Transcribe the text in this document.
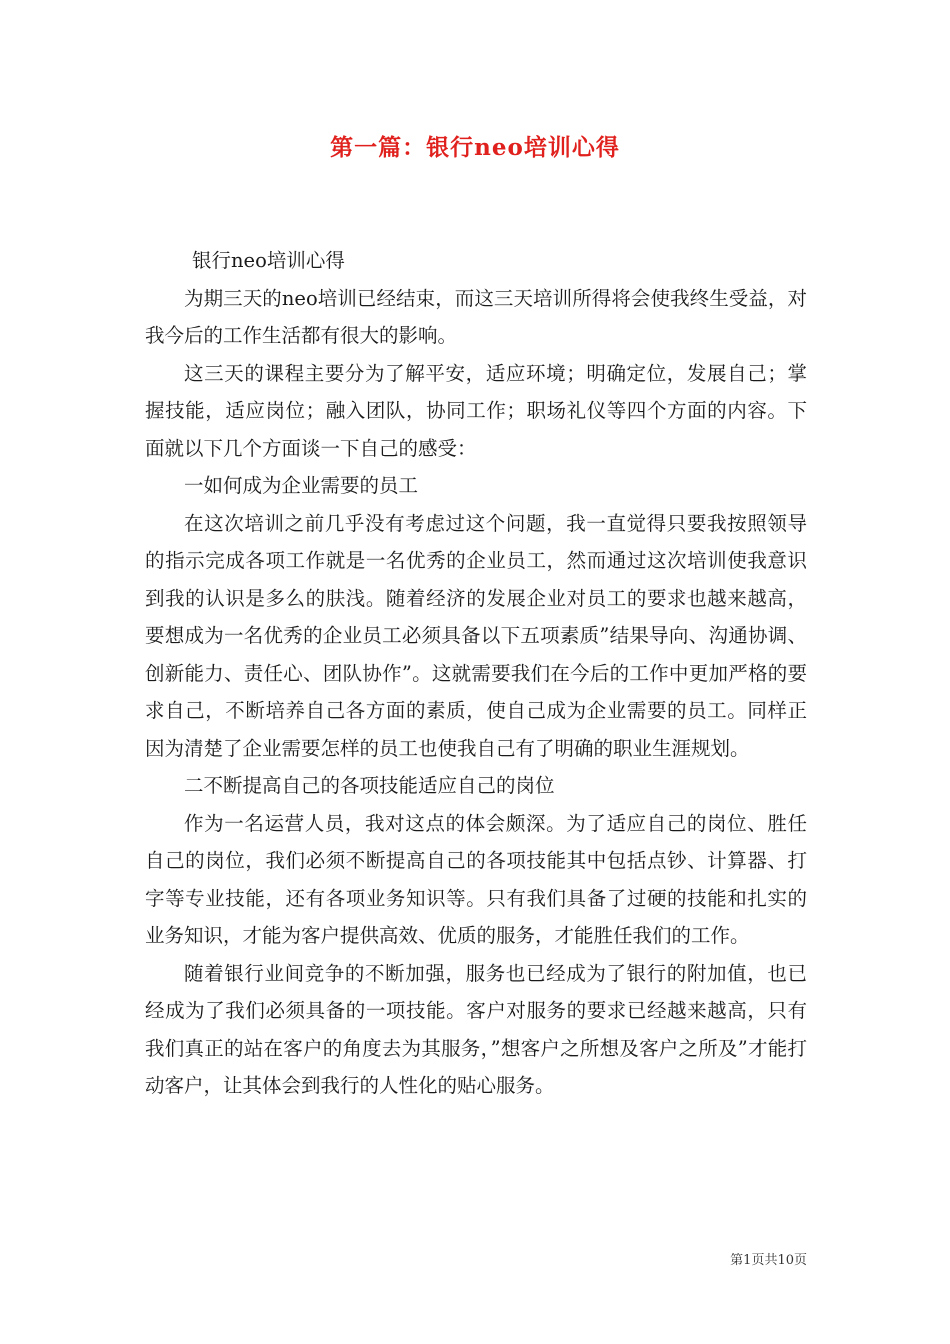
第一篇：银行neo培训心得

银行neo培训心得

为期三天的neo培训已经结束，而这三天培训所得将会使我终生受益，对我今后的工作生活都有很大的影响。

这三天的课程主要分为了解平安，适应环境；明确定位，发展自己；掌握技能，适应岗位；融入团队，协同工作；职场礼仪等四个方面的内容。下面就以下几个方面谈一下自己的感受：

一如何成为企业需要的员工

在这次培训之前几乎没有考虑过这个问题，我一直觉得只要我按照领导的指示完成各项工作就是一名优秀的企业员工，然而通过这次培训使我意识到我的认识是多么的肤浅。随着经济的发展企业对员工的要求也越来越高，要想成为一名优秀的企业员工必须具备以下五项素质”结果导向、沟通协调、创新能力、责任心、团队协作”。这就需要我们在今后的工作中更加严格的要求自己，不断培养自己各方面的素质，使自己成为企业需要的员工。同样正因为清楚了企业需要怎样的员工也使我自己有了明确的职业生涯规划。

二不断提高自己的各项技能适应自己的岗位

作为一名运营人员，我对这点的体会颇深。为了适应自己的岗位、胜任自己的岗位，我们必须不断提高自己的各项技能其中包括点钞、计算器、打字等专业技能，还有各项业务知识等。只有我们具备了过硬的技能和扎实的业务知识，才能为客户提供高效、优质的服务，才能胜任我们的工作。

随着银行业间竞争的不断加强，服务也已经成为了银行的附加值，也已经成为了我们必须具备的一项技能。客户对服务的要求已经越来越高，只有我们真正的站在客户的角度去为其服务，”想客户之所想及客户之所及”才能打动客户，让其体会到我行的人性化的贴心服务。

第1页共10页
